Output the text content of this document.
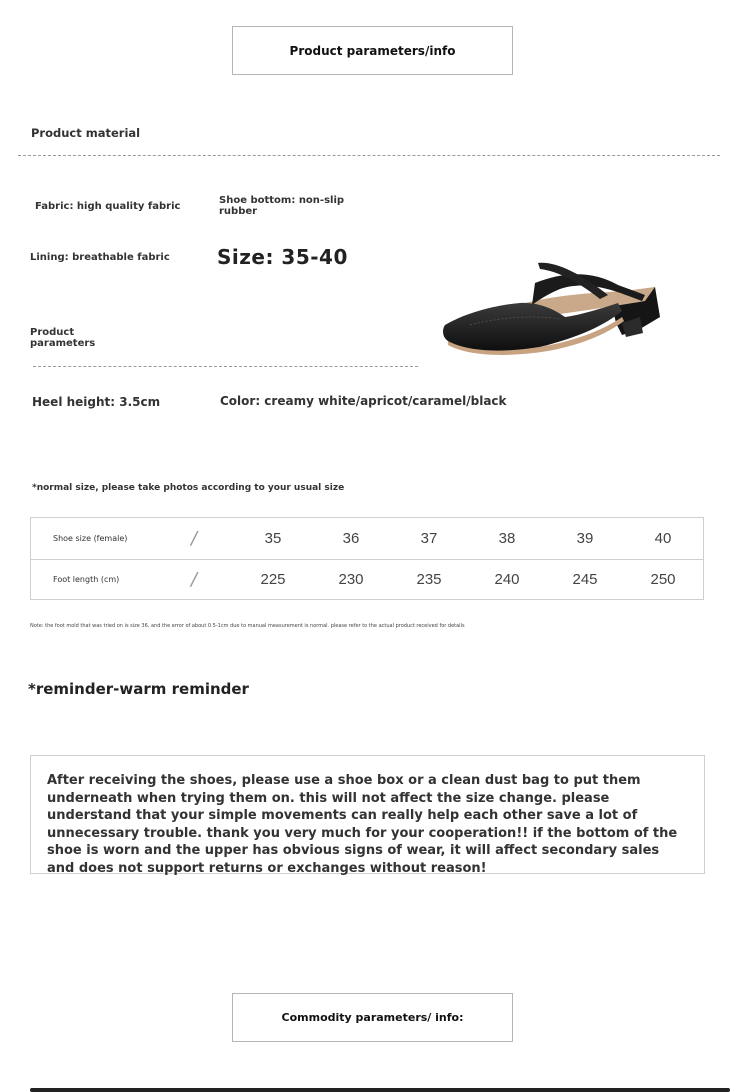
Product parameters/info
Product material
Fabric: high quality fabric
Shoe bottom: non-slip
rubber
Lining: breathable fabric Size: 35-40
Product
parameters
Heel height: 3.5cm	Color: creamy white/apricot/caramel/black
*normal size, please take photos according to your usual size
Shoe size (female)	/	35	36	37	38	39	40
Foot length (cm)	/	225	230	235	240	245	250
Note: the foot mold that was tried on is size 36, and the error of about 0.5-1cm due to manual measurement is normal. please refer to the actual product received for details
*reminder-warm reminder
After receiving the shoes, please use a shoe box or a clean dust bag to put them underneath when trying them on. this will not affect the size change. please understand that your simple movements can really help each other save a lot of unnecessary trouble. thank you very much for your cooperation!! if the bottom of the shoe is worn and the upper has obvious signs of wear, it will affect secondary sales and does not support returns or exchanges without reason!
Commodity parameters/ info:
